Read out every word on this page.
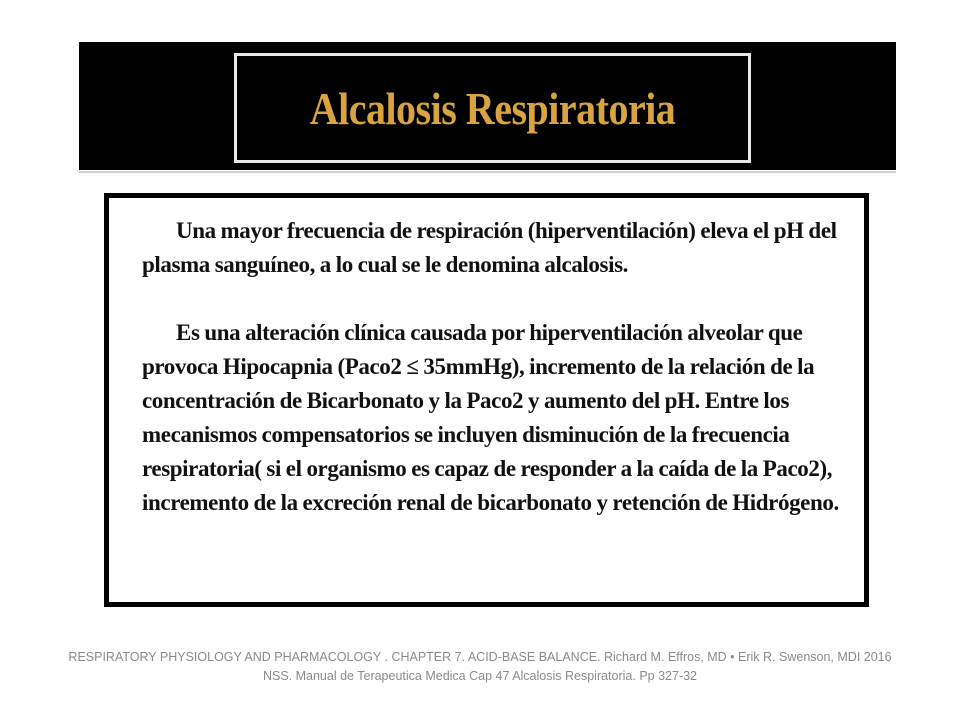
Alcalosis Respiratoria

Una mayor frecuencia de respiración (hiperventilación) eleva el pH del plasma sanguíneo, a lo cual se le denomina alcalosis.

Es una alteración clínica causada por hiperventilación alveolar que provoca Hipocapnia (Paco2 ≤ 35mmHg), incremento de la relación de la concentración de Bicarbonato y la Paco2 y aumento del pH. Entre los mecanismos compensatorios se incluyen disminución de la frecuencia respiratoria( si el organismo es capaz de responder a la caída de la Paco2), incremento de la excreción renal de bicarbonato y retención de Hidrógeno.

RESPIRATORY PHYSIOLOGY AND PHARMACOLOGY . CHAPTER 7. ACID-BASE BALANCE. Richard M. Effros, MD • Erik R. Swenson, MDI 2016
NSS. Manual de Terapeutica Medica Cap 47 Alcalosis Respiratoria. Pp 327-32
